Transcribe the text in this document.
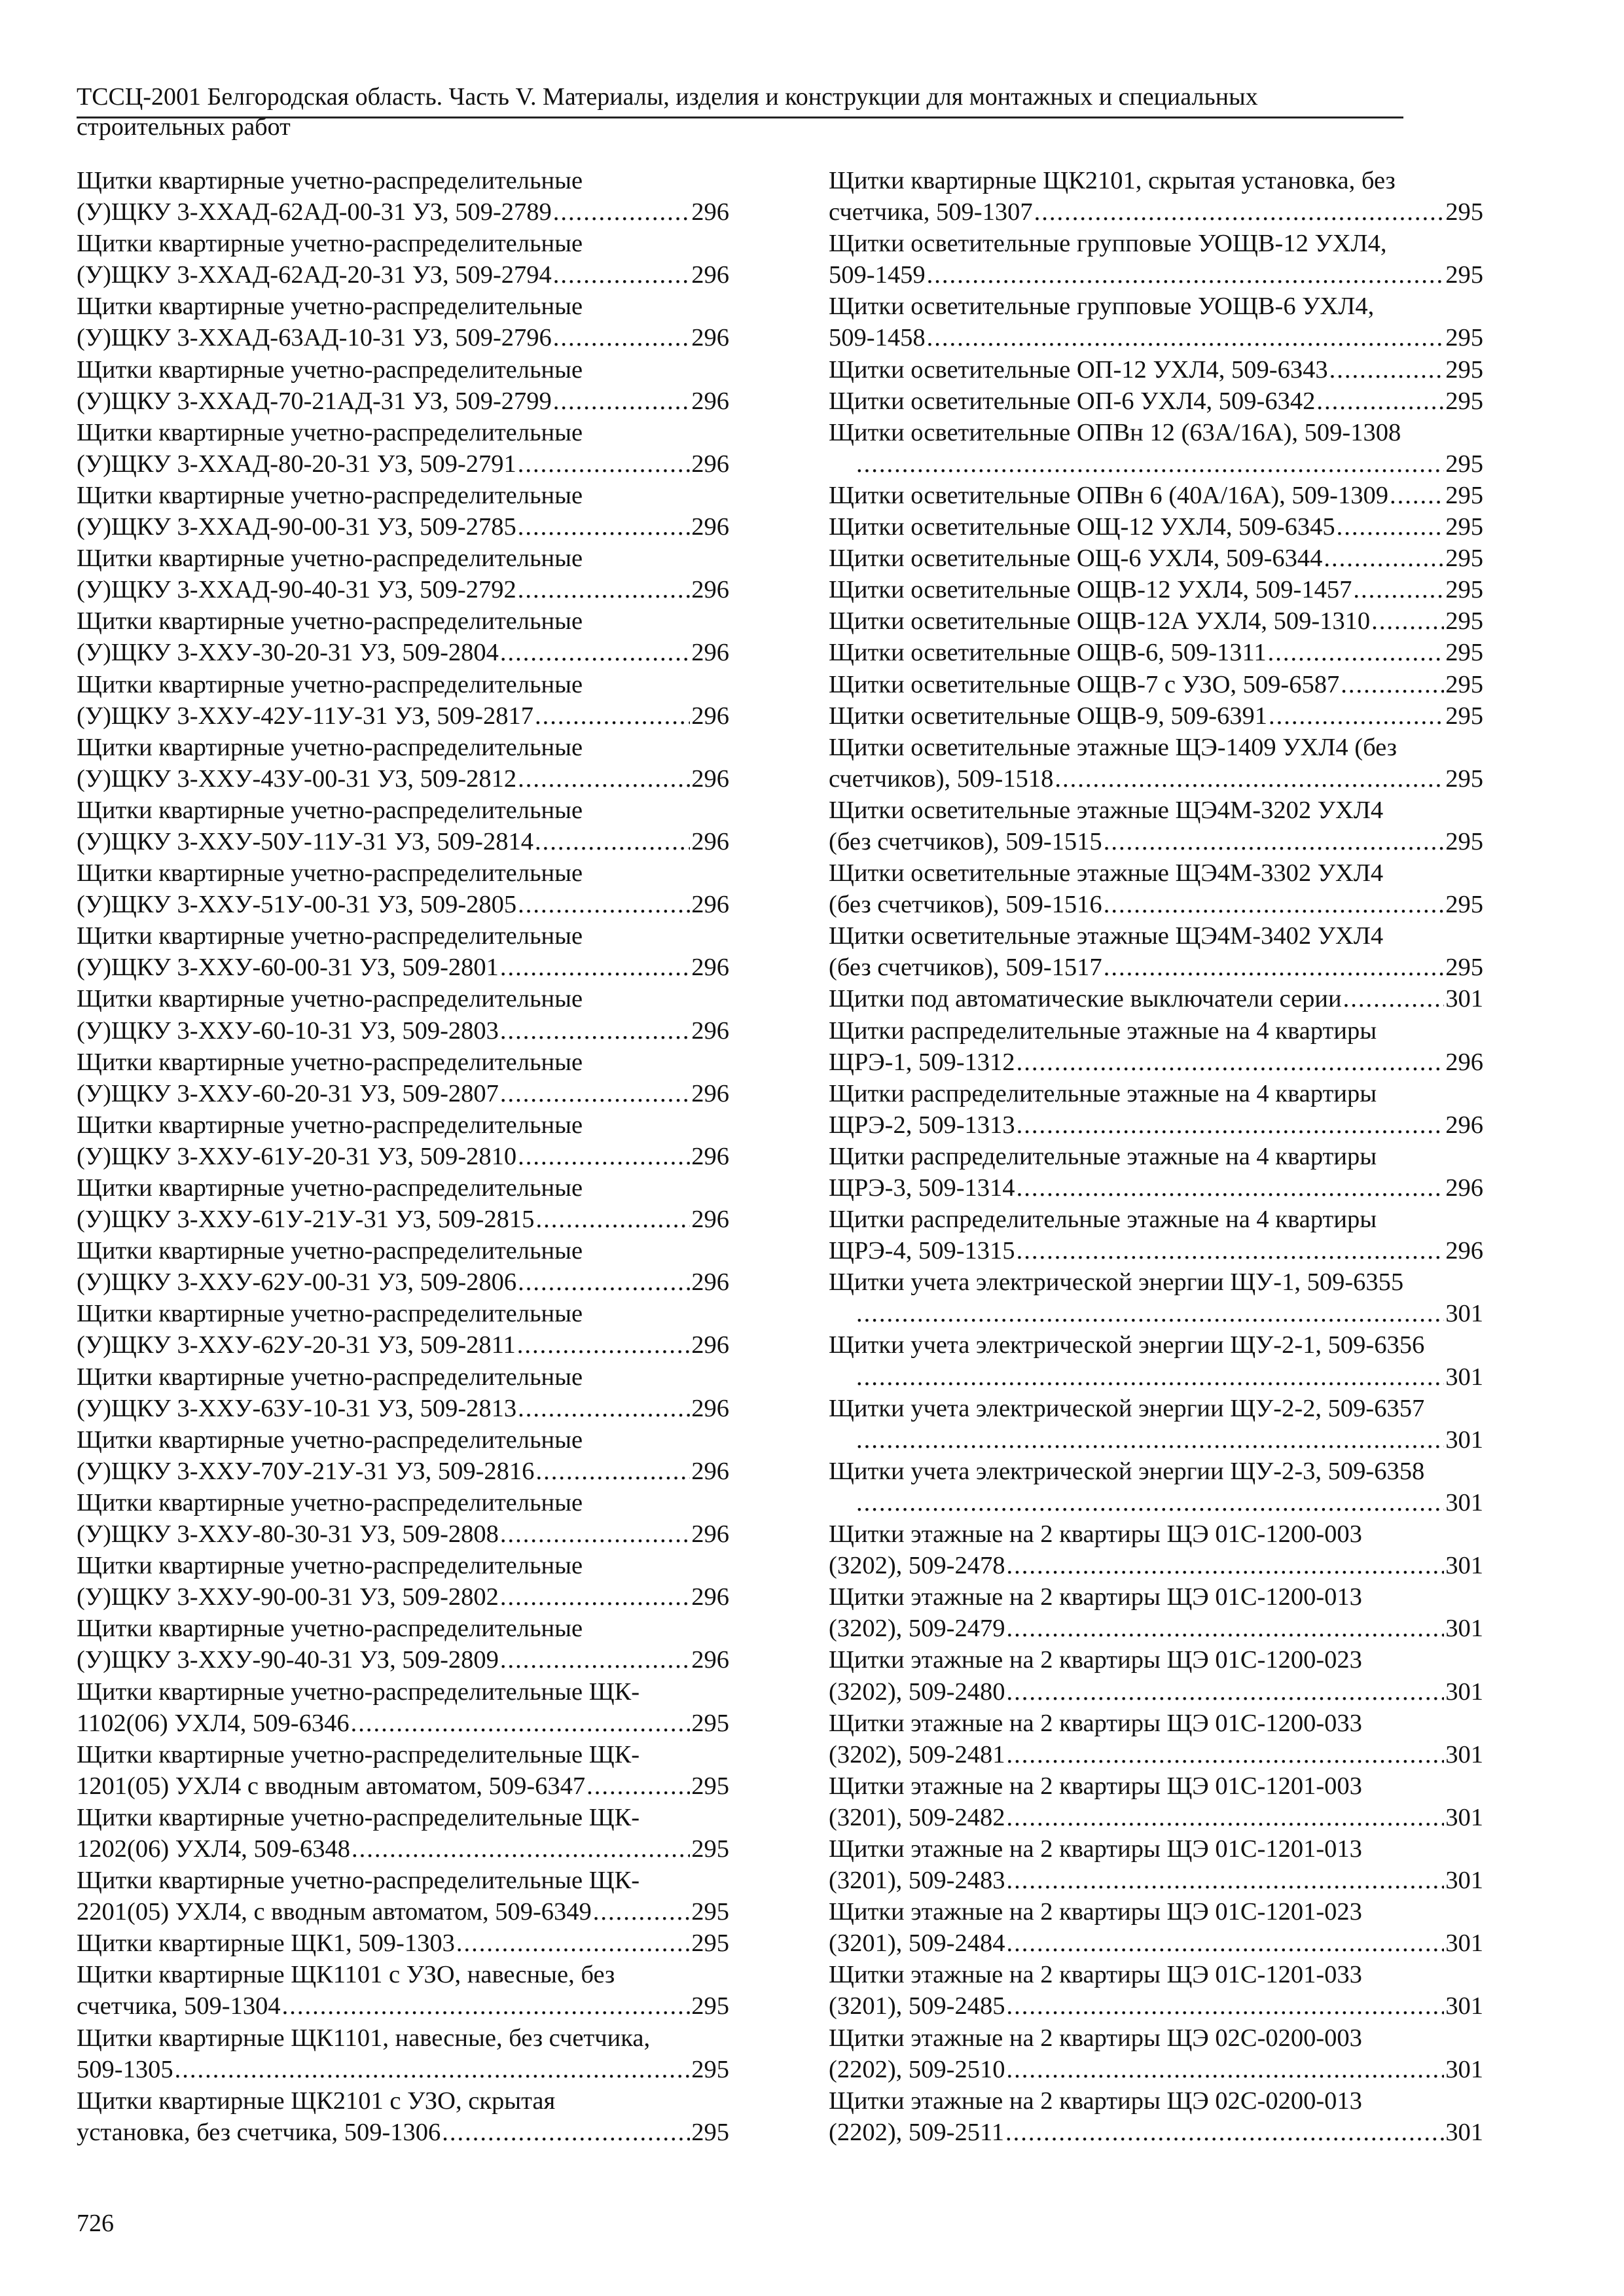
ТССЦ-2001 Белгородская область. Часть V. Материалы, изделия и конструкции для монтажных и специальных
строительных работ
Щитки квартирные учетно-распределительные
(У)ЩКУ 3-ХХАД-62АД-00-31 УЗ, 509-2789 .....	296
Щитки квартирные учетно-распределительные
(У)ЩКУ 3-ХХАД-62АД-20-31 УЗ, 509-2794 .....	296
Щитки квартирные учетно-распределительные
(У)ЩКУ 3-ХХАД-63АД-10-31 УЗ, 509-2796 .....	296
Щитки квартирные учетно-распределительные
(У)ЩКУ 3-ХХАД-70-21АД-31 УЗ, 509-2799 .....	296
Щитки квартирные учетно-распределительные
(У)ЩКУ 3-ХХАД-80-20-31 УЗ, 509-2791 .....	296
Щитки квартирные учетно-распределительные
(У)ЩКУ 3-ХХАД-90-00-31 УЗ, 509-2785 .....	296
Щитки квартирные учетно-распределительные
(У)ЩКУ 3-ХХАД-90-40-31 УЗ, 509-2792 .....	296
Щитки квартирные учетно-распределительные
(У)ЩКУ 3-ХХУ-30-20-31 УЗ, 509-2804 .....	296
Щитки квартирные учетно-распределительные
(У)ЩКУ 3-ХХУ-42У-11У-31 УЗ, 509-2817 .....	296
Щитки квартирные учетно-распределительные
(У)ЩКУ 3-ХХУ-43У-00-31 УЗ, 509-2812 .....	296
Щитки квартирные учетно-распределительные
(У)ЩКУ 3-ХХУ-50У-11У-31 УЗ, 509-2814 .....	296
Щитки квартирные учетно-распределительные
(У)ЩКУ 3-ХХУ-51У-00-31 УЗ, 509-2805 .....	296
Щитки квартирные учетно-распределительные
(У)ЩКУ 3-ХХУ-60-00-31 УЗ, 509-2801 .....	296
Щитки квартирные учетно-распределительные
(У)ЩКУ 3-ХХУ-60-10-31 УЗ, 509-2803 .....	296
Щитки квартирные учетно-распределительные
(У)ЩКУ 3-ХХУ-60-20-31 УЗ, 509-2807 .....	296
Щитки квартирные учетно-распределительные
(У)ЩКУ 3-ХХУ-61У-20-31 УЗ, 509-2810 .....	296
Щитки квартирные учетно-распределительные
(У)ЩКУ 3-ХХУ-61У-21У-31 УЗ, 509-2815 .....	296
Щитки квартирные учетно-распределительные
(У)ЩКУ 3-ХХУ-62У-00-31 УЗ, 509-2806 .....	296
Щитки квартирные учетно-распределительные
(У)ЩКУ 3-ХХУ-62У-20-31 УЗ, 509-2811 .....	296
Щитки квартирные учетно-распределительные
(У)ЩКУ 3-ХХУ-63У-10-31 УЗ, 509-2813 .....	296
Щитки квартирные учетно-распределительные
(У)ЩКУ 3-ХХУ-70У-21У-31 УЗ, 509-2816 .....	296
Щитки квартирные учетно-распределительные
(У)ЩКУ 3-ХХУ-80-30-31 УЗ, 509-2808 .....	296
Щитки квартирные учетно-распределительные
(У)ЩКУ 3-ХХУ-90-00-31 УЗ, 509-2802 .....	296
Щитки квартирные учетно-распределительные
(У)ЩКУ 3-ХХУ-90-40-31 УЗ, 509-2809 .....	296
Щитки квартирные учетно-распределительные ЩК-
1102(06) УХЛ4, 509-6346 .....	295
Щитки квартирные учетно-распределительные ЩК-
1201(05) УХЛ4 с вводным автоматом, 509-6347 .....	295
Щитки квартирные учетно-распределительные ЩК-
1202(06) УХЛ4, 509-6348 .....	295
Щитки квартирные учетно-распределительные ЩК-
2201(05) УХЛ4, с вводным автоматом, 509-6349 .....	295
Щитки квартирные ЩК1, 509-1303 .....	295
Щитки квартирные ЩК1101 с УЗО, навесные, без
счетчика, 509-1304 .....	295
Щитки квартирные ЩК1101, навесные, без счетчика,
509-1305 .....	295
Щитки квартирные ЩК2101 с УЗО, скрытая
установка, без счетчика, 509-1306 .....	295
Щитки квартирные ЩК2101, скрытая установка, без
счетчика, 509-1307 .....	295
Щитки осветительные групповые УОЩВ-12 УХЛ4,
509-1459 .....	295
Щитки осветительные групповые УОЩВ-6 УХЛ4,
509-1458 .....	295
Щитки осветительные ОП-12 УХЛ4, 509-6343 .....	295
Щитки осветительные ОП-6 УХЛ4, 509-6342 .....	295
Щитки осветительные ОПВн 12 (63А/16А), 509-1308
.....
295
Щитки осветительные ОПВн 6 (40А/16А), 509-1309 ..... 295
Щитки осветительные ОЩ-12 УХЛ4, 509-6345 .....	295
Щитки осветительные ОЩ-6 УХЛ4, 509-6344 .....	295
Щитки осветительные ОЩВ-12 УХЛ4, 509-1457 .....	295
Щитки осветительные ОЩВ-12А УХЛ4, 509-1310 .....	295
Щитки осветительные ОЩВ-6, 509-1311 .....	295
Щитки осветительные ОЩВ-7 с УЗО, 509-6587 .....	295
Щитки осветительные ОЩВ-9, 509-6391 .....	295
Щитки осветительные этажные ЩЭ-1409 УХЛ4 (без
счетчиков), 509-1518 .....	295
Щитки осветительные этажные ЩЭ4М-3202 УХЛ4
(без счетчиков), 509-1515 .....	295
Щитки осветительные этажные ЩЭ4М-3302 УХЛ4
(без счетчиков), 509-1516 .....	295
Щитки осветительные этажные ЩЭ4М-3402 УХЛ4
(без счетчиков), 509-1517 .....	295
Щитки под автоматические выключатели серии .....	301
Щитки распределительные этажные на 4 квартиры
ЩРЭ-1, 509-1312 .....	296
Щитки распределительные этажные на 4 квартиры
ЩРЭ-2, 509-1313 .....	296
Щитки распределительные этажные на 4 квартиры
ЩРЭ-3, 509-1314 .....	296
Щитки распределительные этажные на 4 квартиры
ЩРЭ-4, 509-1315 .....	296
Щитки учета электрической энергии ЩУ-1, 509-6355
.....
301
Щитки учета электрической энергии ЩУ-2-1, 509-6356
.....
301
Щитки учета электрической энергии ЩУ-2-2, 509-6357
.....
301
Щитки учета электрической энергии ЩУ-2-3, 509-6358
.....
301
Щитки этажные на 2 квартиры ЩЭ 01С-1200-003
(3202), 509-2478 .....	301
Щитки этажные на 2 квартиры ЩЭ 01С-1200-013
(3202), 509-2479 .....	301
Щитки этажные на 2 квартиры ЩЭ 01С-1200-023
(3202), 509-2480 .....	301
Щитки этажные на 2 квартиры ЩЭ 01С-1200-033
(3202), 509-2481 .....	301
Щитки этажные на 2 квартиры ЩЭ 01С-1201-003
(3201), 509-2482 .....	301
Щитки этажные на 2 квартиры ЩЭ 01С-1201-013
(3201), 509-2483 .....	301
Щитки этажные на 2 квартиры ЩЭ 01С-1201-023
(3201), 509-2484 .....	301
Щитки этажные на 2 квартиры ЩЭ 01С-1201-033
(3201), 509-2485 .....	301
Щитки этажные на 2 квартиры ЩЭ 02С-0200-003
(2202), 509-2510 .....	301
Щитки этажные на 2 квартиры ЩЭ 02С-0200-013
(2202), 509-2511 .....	301
726
